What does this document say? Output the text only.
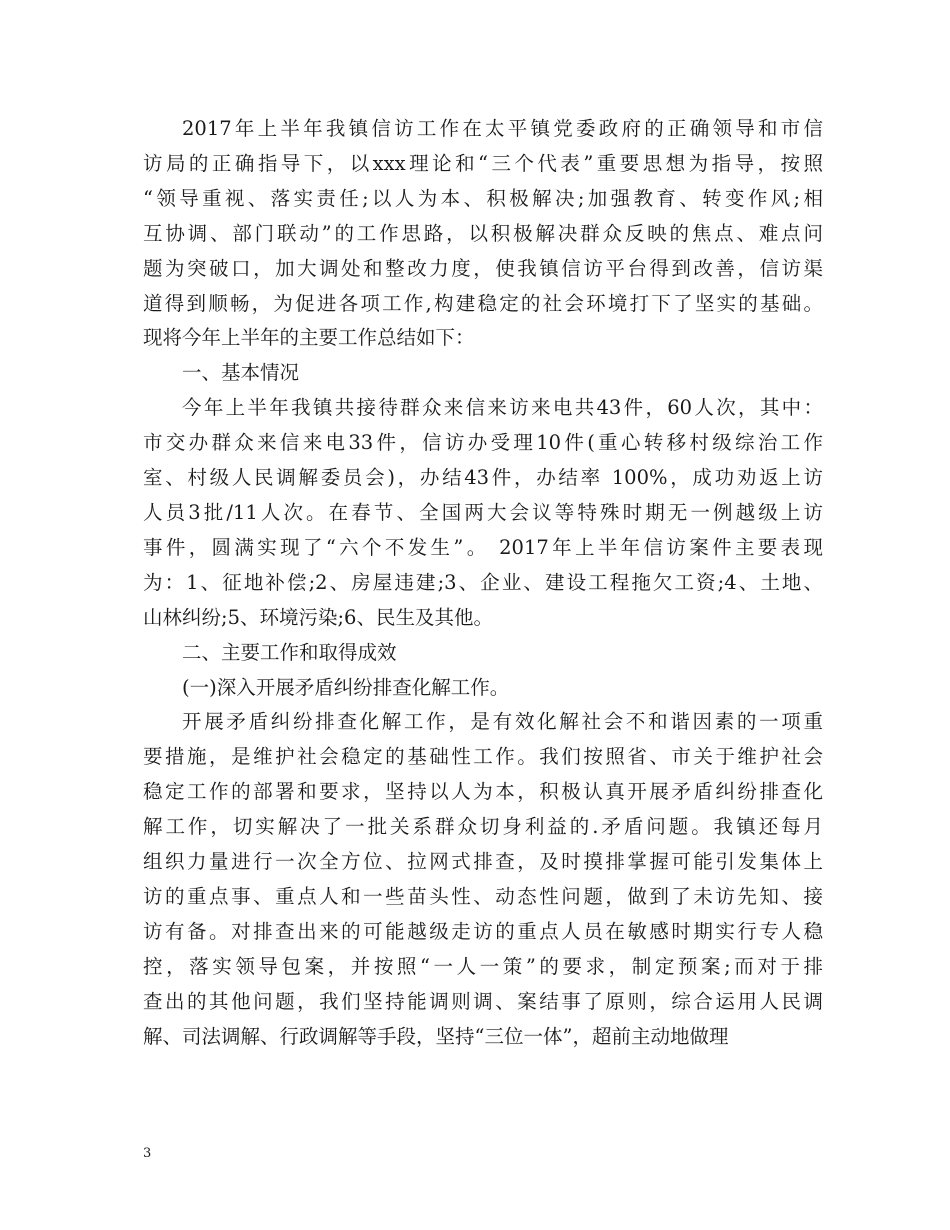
2017年上半年我镇信访工作在太平镇党委政府的正确领导和市信
访局的正确指导下，以xxx理论和“三个代表”重要思想为指导，按照
“领导重视、落实责任;以人为本、积极解决;加强教育、转变作风;相
互协调、部门联动”的工作思路，以积极解决群众反映的焦点、难点问
题为突破口，加大调处和整改力度，使我镇信访平台得到改善，信访渠
道得到顺畅，为促进各项工作,构建稳定的社会环境打下了坚实的基础。
现将今年上半年的主要工作总结如下：
一、基本情况
今年上半年我镇共接待群众来信来访来电共43件，60人次，其中：
市交办群众来信来电33件，信访办受理10件(重心转移村级综治工作
室、村级人民调解委员会)，办结43件，办结率 100%，成功劝返上访
人员3批/11人次。在春节、全国两大会议等特殊时期无一例越级上访
事件，圆满实现了“六个不发生”。 2017年上半年信访案件主要表现
为：1、征地补偿;2、房屋违建;3、企业、建设工程拖欠工资;4、土地、
山林纠纷;5、环境污染;6、民生及其他。
二、主要工作和取得成效
(一)深入开展矛盾纠纷排查化解工作。
开展矛盾纠纷排查化解工作，是有效化解社会不和谐因素的一项重
要措施，是维护社会稳定的基础性工作。我们按照省、市关于维护社会
稳定工作的部署和要求，坚持以人为本，积极认真开展矛盾纠纷排查化
解工作，切实解决了一批关系群众切身利益的.矛盾问题。我镇还每月
组织力量进行一次全方位、拉网式排查，及时摸排掌握可能引发集体上
访的重点事、重点人和一些苗头性、动态性问题，做到了未访先知、接
访有备。对排查出来的可能越级走访的重点人员在敏感时期实行专人稳
控，落实领导包案，并按照“一人一策”的要求，制定预案;而对于排
查出的其他问题，我们坚持能调则调、案结事了原则，综合运用人民调
解、司法调解、行政调解等手段，坚持“三位一体”，超前主动地做理
3
